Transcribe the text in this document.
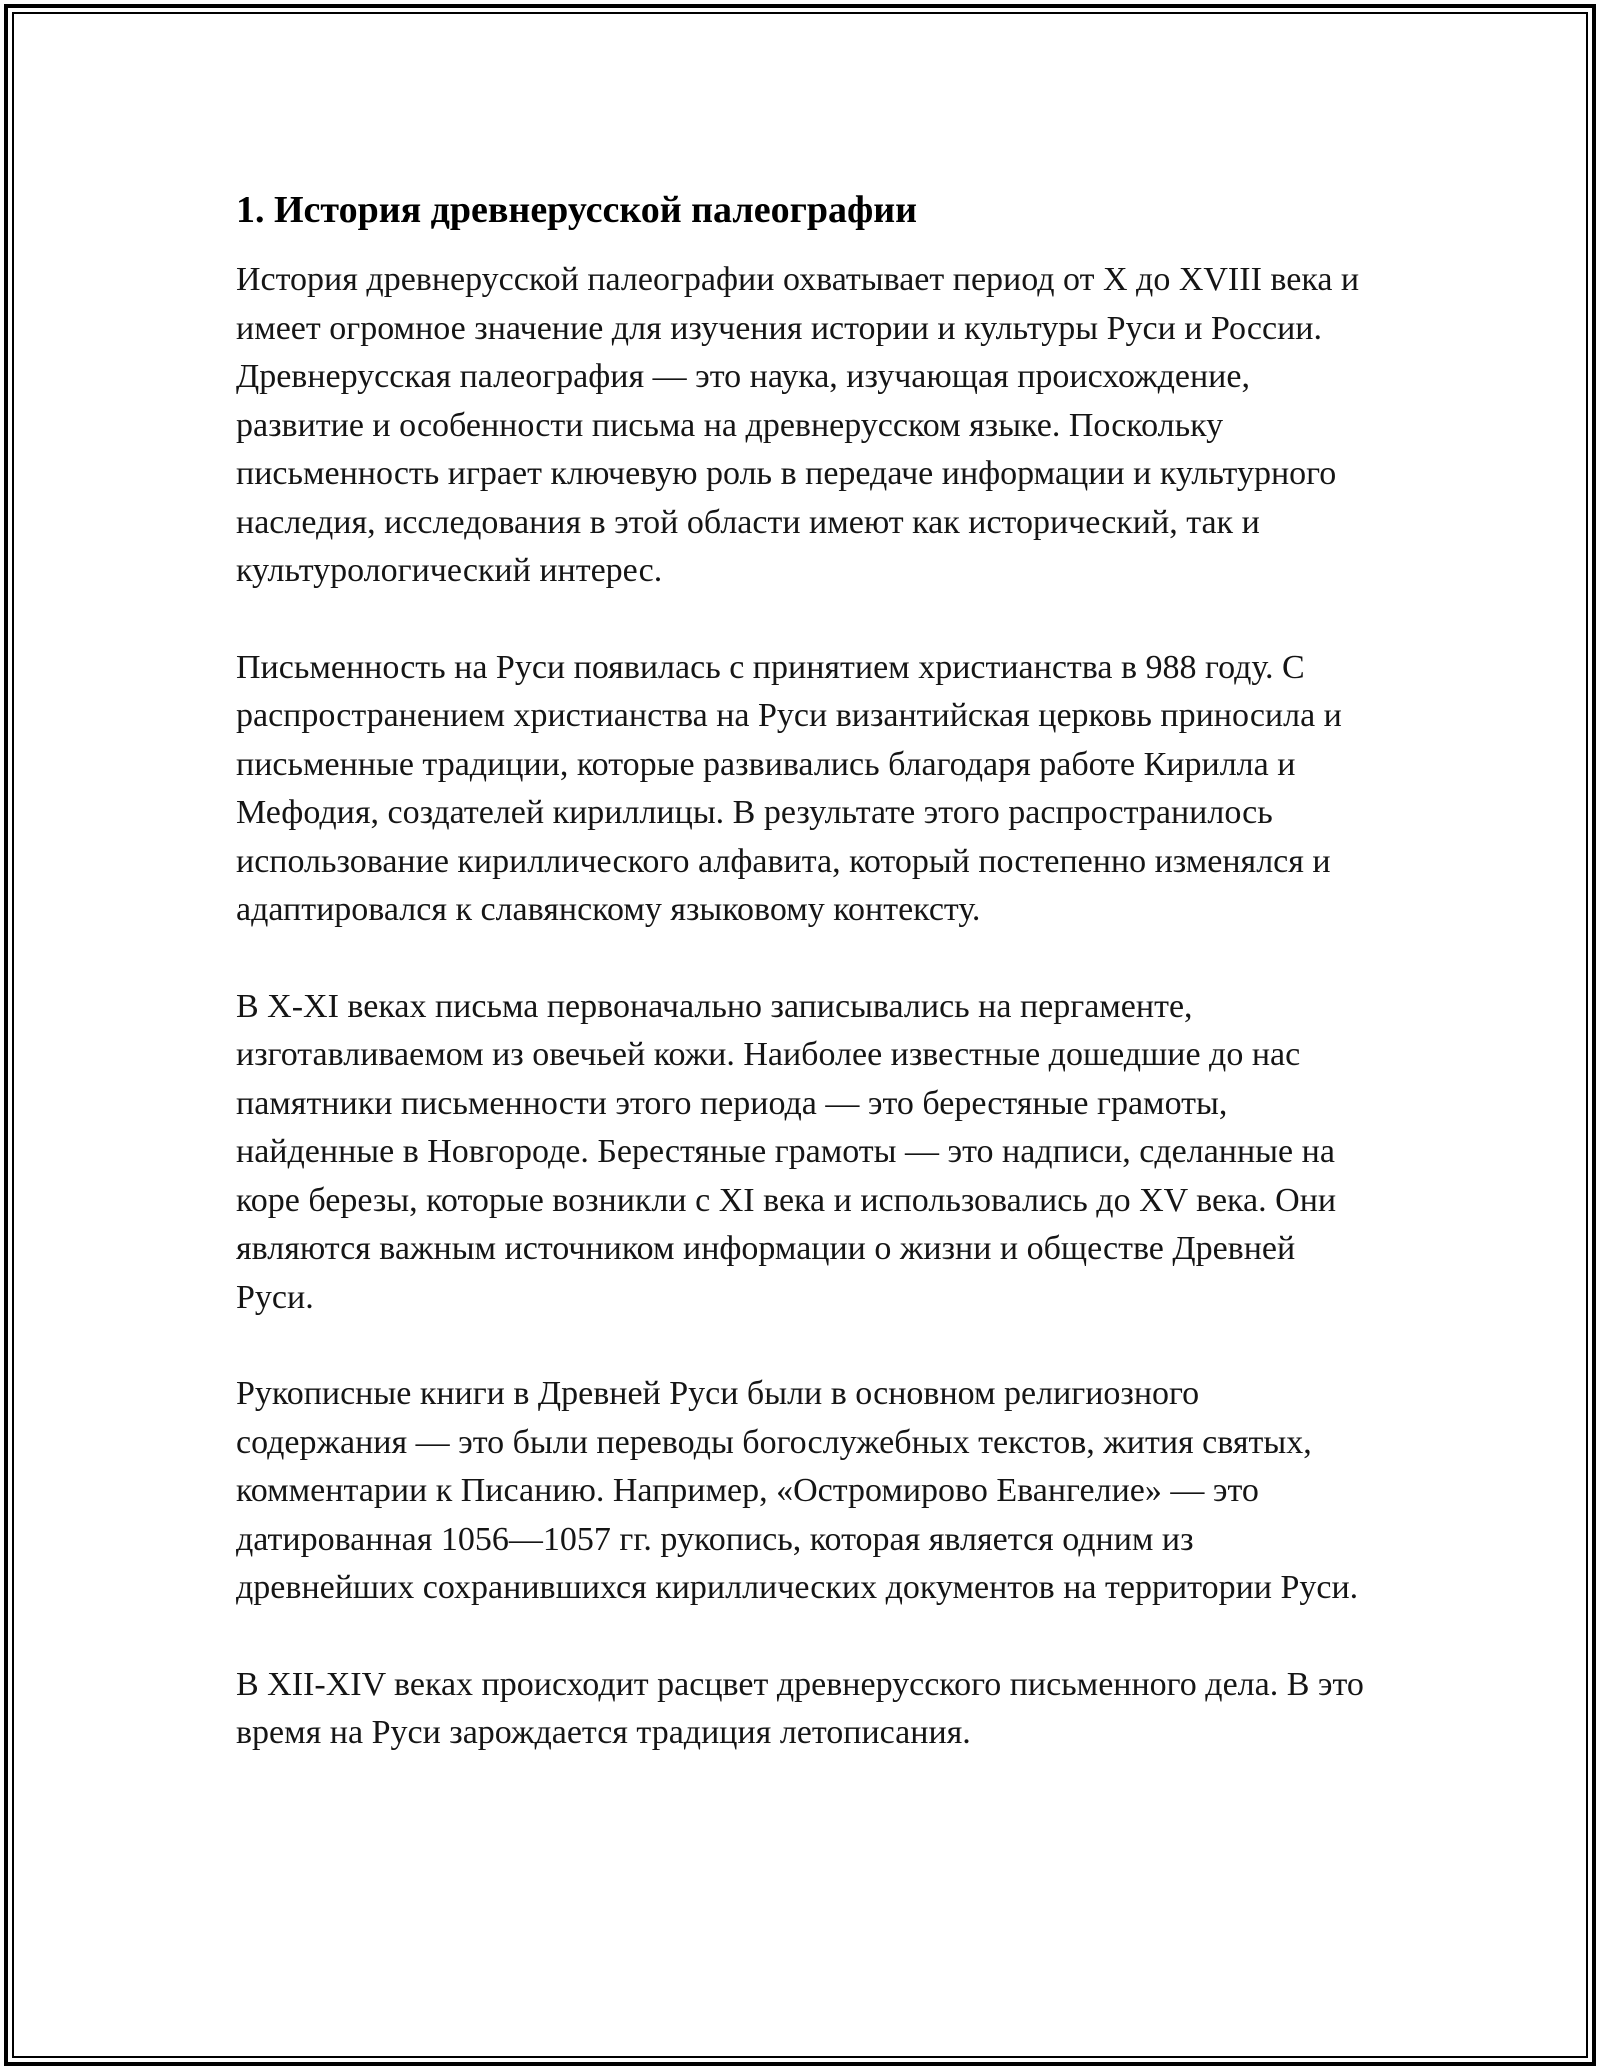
1. История древнерусской палеографии

История древнерусской палеографии охватывает период от X до XVIII века и имеет огромное значение для изучения истории и культуры Руси и России. Древнерусская палеография — это наука, изучающая происхождение, развитие и особенности письма на древнерусском языке. Поскольку письменность играет ключевую роль в передаче информации и культурного наследия, исследования в этой области имеют как исторический, так и культурологический интерес.

Письменность на Руси появилась с принятием христианства в 988 году. С распространением христианства на Руси византийская церковь приносила и письменные традиции, которые развивались благодаря работе Кирилла и Мефодия, создателей кириллицы. В результате этого распространилось использование кириллического алфавита, который постепенно изменялся и адаптировался к славянскому языковому контексту.

В X-XI веках письма первоначально записывались на пергаменте, изготавливаемом из овечьей кожи. Наиболее известные дошедшие до нас памятники письменности этого периода — это берестяные грамоты, найденные в Новгороде. Берестяные грамоты — это надписи, сделанные на коре березы, которые возникли с XI века и использовались до XV века. Они являются важным источником информации о жизни и обществе Древней Руси.

Рукописные книги в Древней Руси были в основном религиозного содержания — это были переводы богослужебных текстов, жития святых, комментарии к Писанию. Например, «Остромирово Евангелие» — это датированная 1056—1057 гг. рукопись, которая является одним из древнейших сохранившихся кириллических документов на территории Руси.

В XII-XIV веках происходит расцвет древнерусского письменного дела. В это время на Руси зарождается традиция летописания.
